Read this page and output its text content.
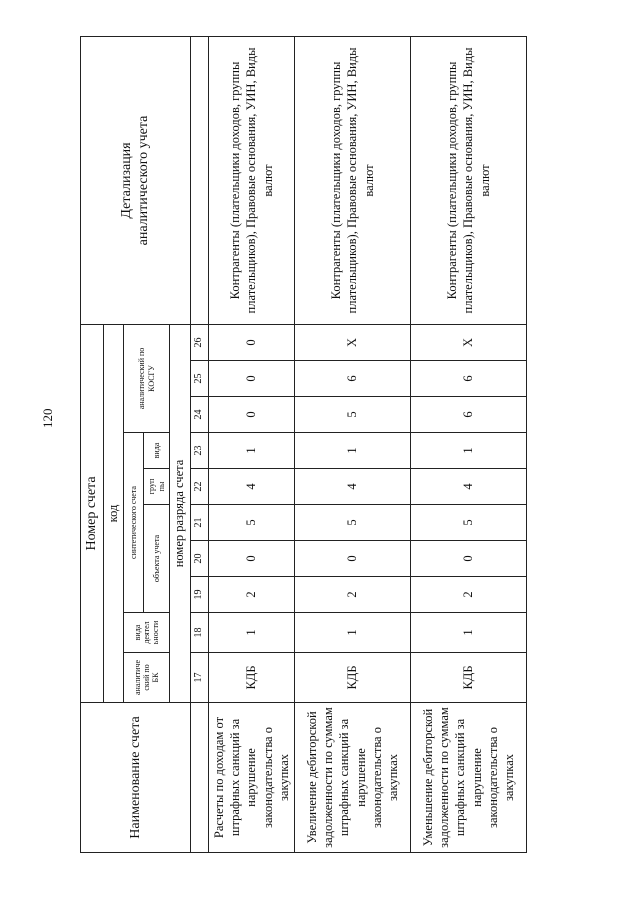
120
Наименование счета	Номер счета										Детализация
аналитического учета
	код										
	аналитиче
ский по
БК	вида
деятел
ьности	синтетического счета					аналитический по
КОСГУ			
			объекта учета			груп
пы	вида				
	номер разряда счета										
	17	18	19	20	21	22	23	24	25	26	
Расчеты по доходам от штрафных санкций за нарушение законодательства о закупках	КДБ	1	2	0	5	4	1	0	0	0	Контрагенты (плательщики доходов, группы плательщиков), Правовые основания, УИН, Виды валют
Увеличение дебиторской задолженности по суммам штрафных санкций за нарушение законодательства о закупках	КДБ	1	2	0	5	4	1	5	6	Х	Контрагенты (плательщики доходов, группы плательщиков), Правовые основания, УИН, Виды валют
Уменьшение дебиторской задолженности по суммам штрафных санкций за нарушение законодательства о закупках	КДБ	1	2	0	5	4	1	6	6	Х	Контрагенты (плательщики доходов, группы плательщиков), Правовые основания, УИН, Виды валют
